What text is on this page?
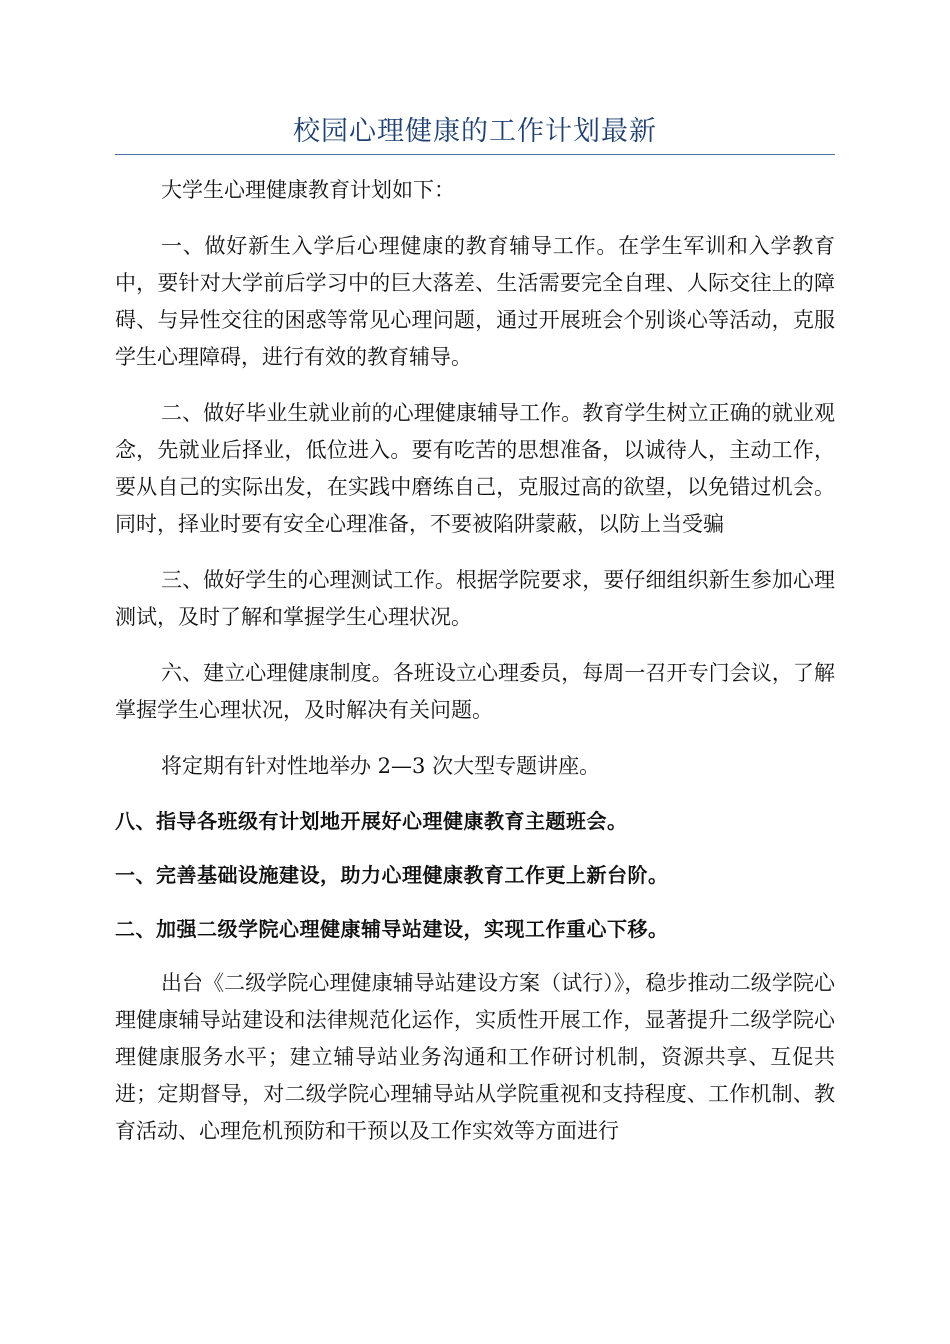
校园心理健康的工作计划最新

大学生心理健康教育计划如下：

一、做好新生入学后心理健康的教育辅导工作。在学生军训和入学教育中，要针对大学前后学习中的巨大落差、生活需要完全自理、人际交往上的障碍、与异性交往的困惑等常见心理问题，通过开展班会个别谈心等活动，克服学生心理障碍，进行有效的教育辅导。

二、做好毕业生就业前的心理健康辅导工作。教育学生树立正确的就业观念，先就业后择业，低位进入。要有吃苦的思想准备，以诚待人，主动工作，要从自己的实际出发，在实践中磨练自己，克服过高的欲望，以免错过机会。同时，择业时要有安全心理准备，不要被陷阱蒙蔽，以防上当受骗

三、做好学生的心理测试工作。根据学院要求，要仔细组织新生参加心理测试，及时了解和掌握学生心理状况。

六、建立心理健康制度。各班设立心理委员，每周一召开专门会议，了解掌握学生心理状况，及时解决有关问题。

将定期有针对性地举办 2—3 次大型专题讲座。

八、指导各班级有计划地开展好心理健康教育主题班会。

一、完善基础设施建设，助力心理健康教育工作更上新台阶。

二、加强二级学院心理健康辅导站建设，实现工作重心下移。

出台《二级学院心理健康辅导站建设方案（试行）》，稳步推动二级学院心理健康辅导站建设和法律规范化运作，实质性开展工作，显著提升二级学院心理健康服务水平；建立辅导站业务沟通和工作研讨机制，资源共享、互促共进；定期督导，对二级学院心理辅导站从学院重视和支持程度、工作机制、教育活动、心理危机预防和干预以及工作实效等方面进行
